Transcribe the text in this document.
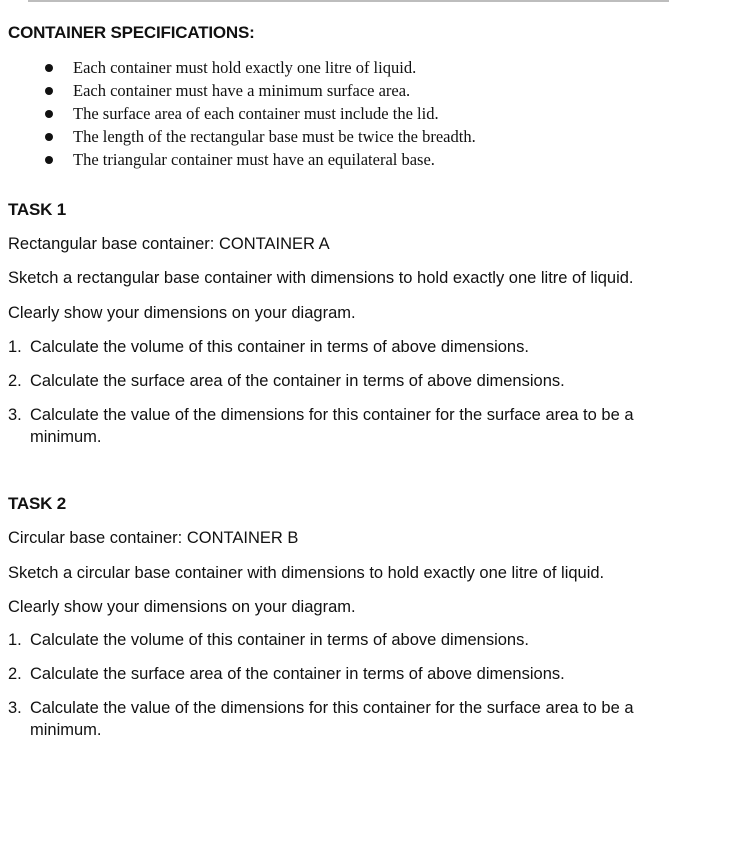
CONTAINER SPECIFICATIONS:
Each container must hold exactly one litre of liquid.
Each container must have a minimum surface area.
The surface area of each container must include the lid.
The length of the rectangular base must be twice the breadth.
The triangular container must have an equilateral base.
TASK 1
Rectangular base container: CONTAINER A
Sketch a rectangular base container with dimensions to hold exactly one litre of liquid.
Clearly show your dimensions on your diagram.
1. Calculate the volume of this container in terms of above dimensions.
2. Calculate the surface area of the container in terms of above dimensions.
3. Calculate the value of the dimensions for this container for the surface area to be a minimum.
TASK 2
Circular base container: CONTAINER B
Sketch a circular base container with dimensions to hold exactly one litre of liquid.
Clearly show your dimensions on your diagram.
1. Calculate the volume of this container in terms of above dimensions.
2. Calculate the surface area of the container in terms of above dimensions.
3. Calculate the value of the dimensions for this container for the surface area to be a minimum.
